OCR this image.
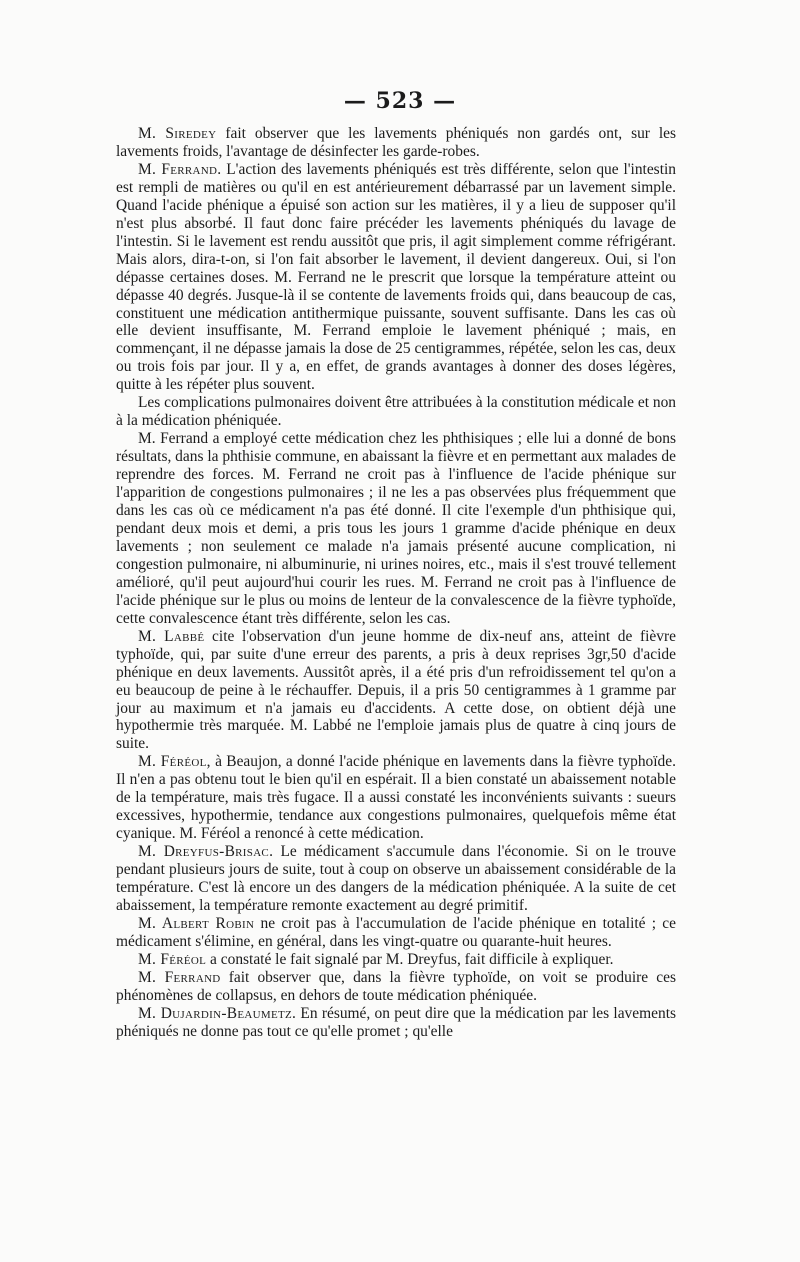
— 523 —

M. Siredey fait observer que les lavements phéniqués non gardés ont, sur les lavements froids, l'avantage de désinfecter les garde-robes.

M. Ferrand. L'action des lavements phéniqués est très différente, selon que l'intestin est rempli de matières ou qu'il en est antérieurement débarrassé par un lavement simple. Quand l'acide phénique a épuisé son action sur les matières, il y a lieu de supposer qu'il n'est plus absorbé. Il faut donc faire précéder les lavements phéniqués du lavage de l'intestin. Si le lavement est rendu aussitôt que pris, il agit simplement comme réfrigérant. Mais alors, dira-t-on, si l'on fait absorber le lavement, il devient dangereux. Oui, si l'on dépasse certaines doses. M. Ferrand ne le prescrit que lorsque la température atteint ou dépasse 40 degrés. Jusque-là il se contente de lavements froids qui, dans beaucoup de cas, constituent une médication antithermique puissante, souvent suffisante. Dans les cas où elle devient insuffisante, M. Ferrand emploie le lavement phéniqué ; mais, en commençant, il ne dépasse jamais la dose de 25 centigrammes, répétée, selon les cas, deux ou trois fois par jour. Il y a, en effet, de grands avantages à donner des doses légères, quitte à les répéter plus souvent.

Les complications pulmonaires doivent être attribuées à la constitution médicale et non à la médication phéniquée.

M. Ferrand a employé cette médication chez les phthisiques ; elle lui a donné de bons résultats, dans la phthisie commune, en abaissant la fièvre et en permettant aux malades de reprendre des forces. M. Ferrand ne croit pas à l'influence de l'acide phénique sur l'apparition de congestions pulmonaires ; il ne les a pas observées plus fréquemment que dans les cas où ce médicament n'a pas été donné. Il cite l'exemple d'un phthisique qui, pendant deux mois et demi, a pris tous les jours 1 gramme d'acide phénique en deux lavements ; non seulement ce malade n'a jamais présenté aucune complication, ni congestion pulmonaire, ni albuminurie, ni urines noires, etc., mais il s'est trouvé tellement amélioré, qu'il peut aujourd'hui courir les rues. M. Ferrand ne croit pas à l'influence de l'acide phénique sur le plus ou moins de lenteur de la convalescence de la fièvre typhoïde, cette convalescence étant très différente, selon les cas.

M. Labbé cite l'observation d'un jeune homme de dix-neuf ans, atteint de fièvre typhoïde, qui, par suite d'une erreur des parents, a pris à deux reprises 3gr,50 d'acide phénique en deux lavements. Aussitôt après, il a été pris d'un refroidissement tel qu'on a eu beaucoup de peine à le réchauffer. Depuis, il a pris 50 centigrammes à 1 gramme par jour au maximum et n'a jamais eu d'accidents. A cette dose, on obtient déjà une hypothermie très marquée. M. Labbé ne l'emploie jamais plus de quatre à cinq jours de suite.

M. Féréol, à Beaujon, a donné l'acide phénique en lavements dans la fièvre typhoïde. Il n'en a pas obtenu tout le bien qu'il en espérait. Il a bien constaté un abaissement notable de la température, mais très fugace. Il a aussi constaté les inconvénients suivants : sueurs excessives, hypothermie, tendance aux congestions pulmonaires, quelquefois même état cyanique. M. Féréol a renoncé à cette médication.

M. Dreyfus-Brisac. Le médicament s'accumule dans l'économie. Si on le trouve pendant plusieurs jours de suite, tout à coup on observe un abaissement considérable de la température. C'est là encore un des dangers de la médication phéniquée. A la suite de cet abaissement, la température remonte exactement au degré primitif.

M. Albert Robin ne croit pas à l'accumulation de l'acide phénique en totalité ; ce médicament s'élimine, en général, dans les vingt-quatre ou quarante-huit heures.

M. Féréol a constaté le fait signalé par M. Dreyfus, fait difficile à expliquer.

M. Ferrand fait observer que, dans la fièvre typhoïde, on voit se produire ces phénomènes de collapsus, en dehors de toute médication phéniquée.

M. Dujardin-Beaumetz. En résumé, on peut dire que la médication par les lavements phéniqués ne donne pas tout ce qu'elle promet ; qu'elle
